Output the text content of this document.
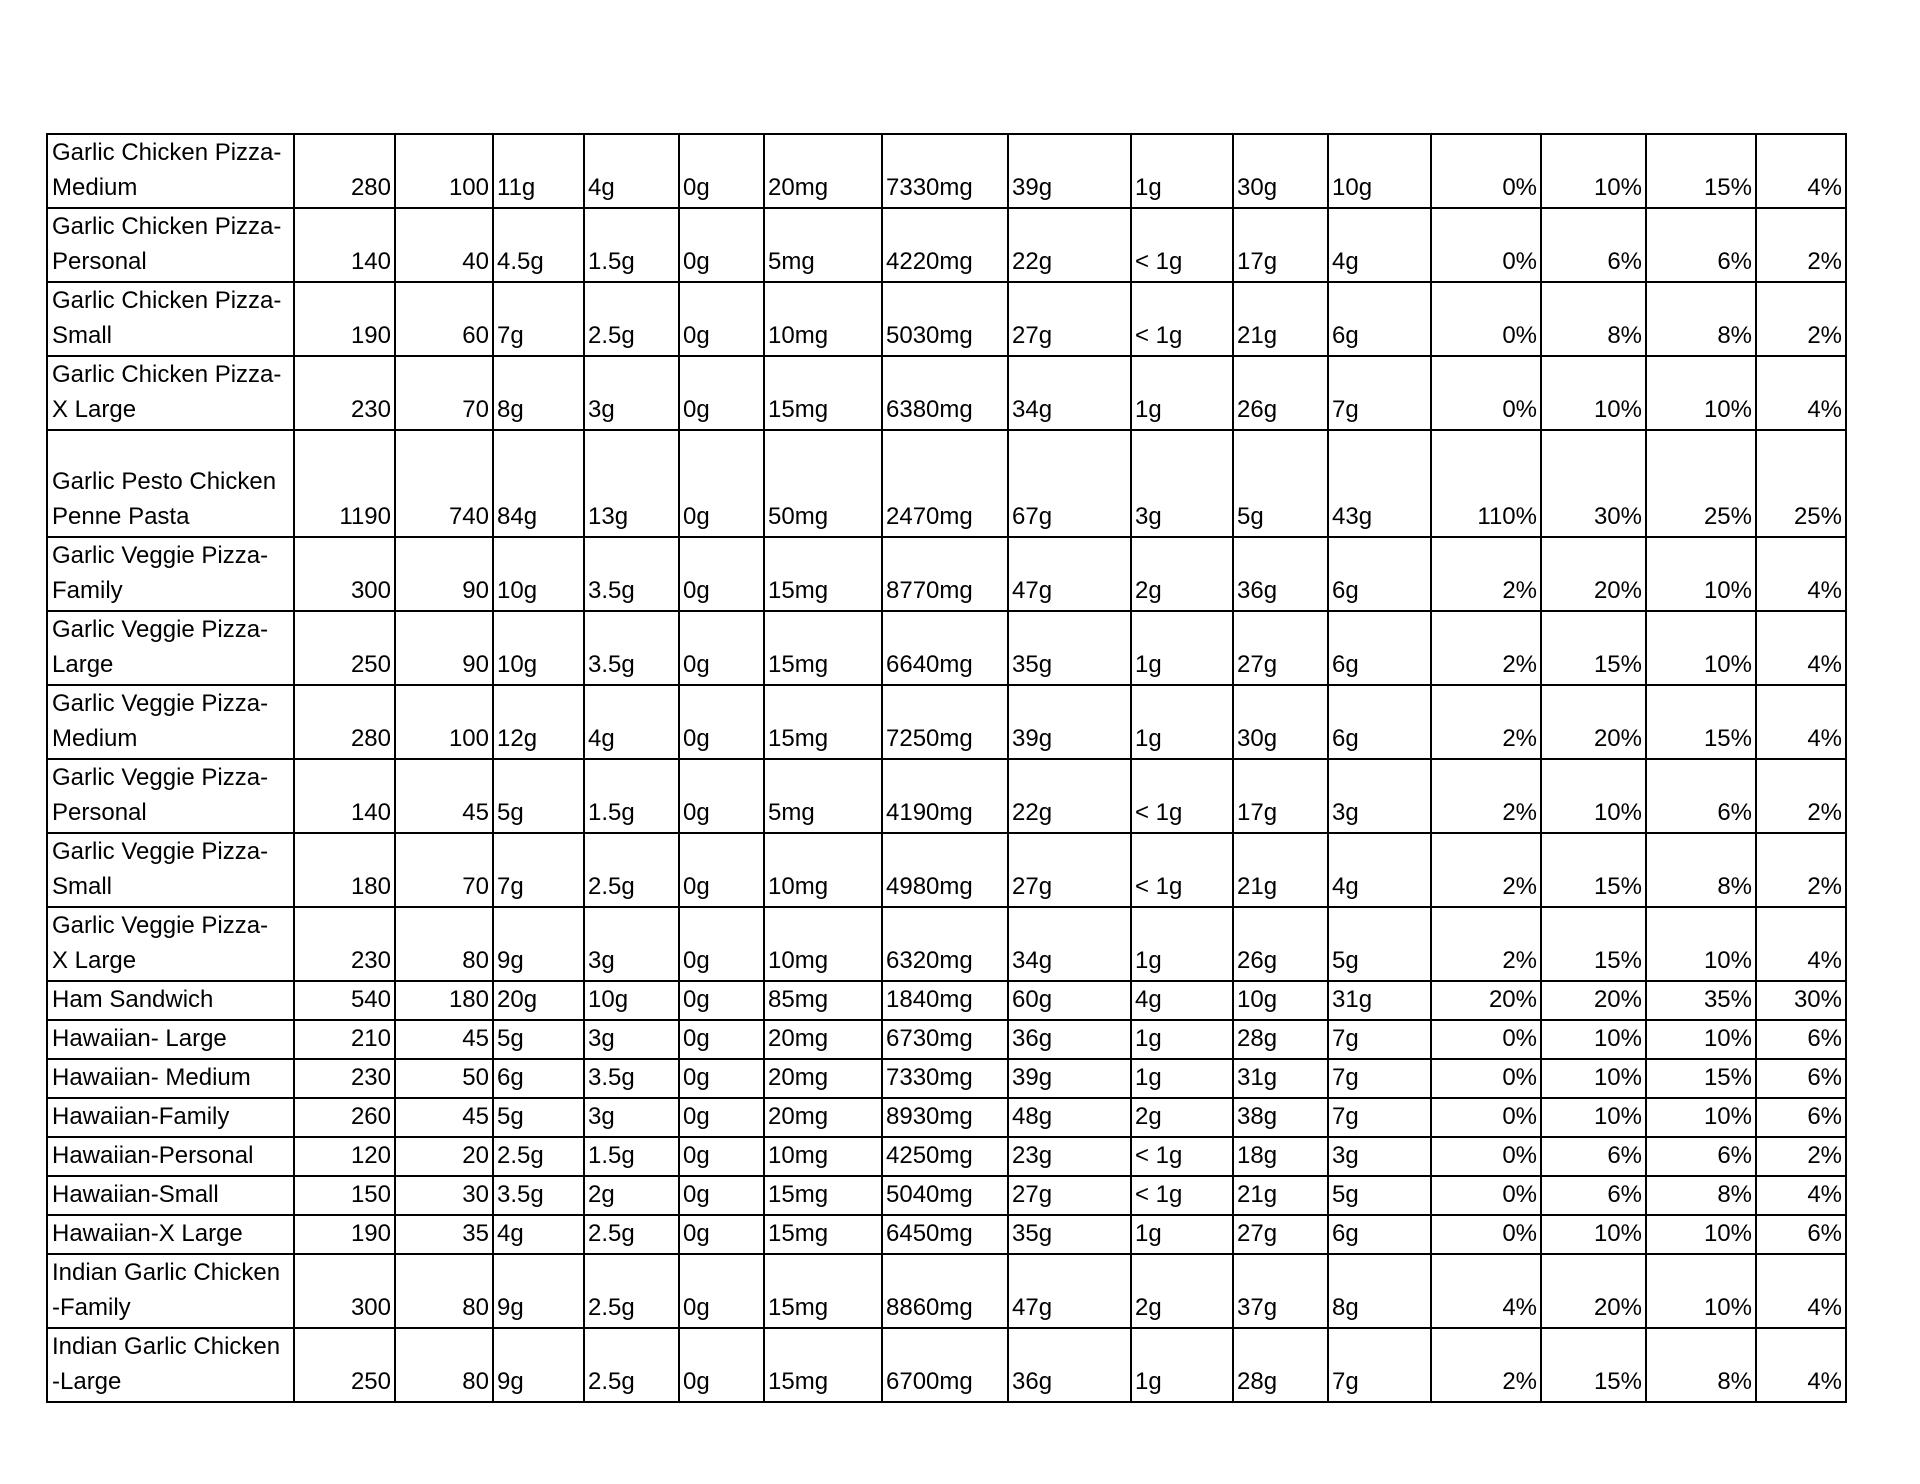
Garlic Chicken Pizza-Medium	280	100	11g	4g	0g	20mg	7330mg	39g	1g	30g	10g	0%	10%	15%	4%
Garlic Chicken Pizza-Personal	140	40	4.5g	1.5g	0g	5mg	4220mg	22g	< 1g	17g	4g	0%	6%	6%	2%
Garlic Chicken Pizza-Small	190	60	7g	2.5g	0g	10mg	5030mg	27g	< 1g	21g	6g	0%	8%	8%	2%
Garlic Chicken Pizza-X Large	230	70	8g	3g	0g	15mg	6380mg	34g	1g	26g	7g	0%	10%	10%	4%
Garlic Pesto Chicken Penne Pasta	1190	740	84g	13g	0g	50mg	2470mg	67g	3g	5g	43g	110%	30%	25%	25%
Garlic Veggie Pizza-Family	300	90	10g	3.5g	0g	15mg	8770mg	47g	2g	36g	6g	2%	20%	10%	4%
Garlic Veggie Pizza-Large	250	90	10g	3.5g	0g	15mg	6640mg	35g	1g	27g	6g	2%	15%	10%	4%
Garlic Veggie Pizza-Medium	280	100	12g	4g	0g	15mg	7250mg	39g	1g	30g	6g	2%	20%	15%	4%
Garlic Veggie Pizza-Personal	140	45	5g	1.5g	0g	5mg	4190mg	22g	< 1g	17g	3g	2%	10%	6%	2%
Garlic Veggie Pizza-Small	180	70	7g	2.5g	0g	10mg	4980mg	27g	< 1g	21g	4g	2%	15%	8%	2%
Garlic Veggie Pizza- X Large	230	80	9g	3g	0g	10mg	6320mg	34g	1g	26g	5g	2%	15%	10%	4%
Ham Sandwich	540	180	20g	10g	0g	85mg	1840mg	60g	4g	10g	31g	20%	20%	35%	30%
Hawaiian- Large	210	45	5g	3g	0g	20mg	6730mg	36g	1g	28g	7g	0%	10%	10%	6%
Hawaiian- Medium	230	50	6g	3.5g	0g	20mg	7330mg	39g	1g	31g	7g	0%	10%	15%	6%
Hawaiian-Family	260	45	5g	3g	0g	20mg	8930mg	48g	2g	38g	7g	0%	10%	10%	6%
Hawaiian-Personal	120	20	2.5g	1.5g	0g	10mg	4250mg	23g	< 1g	18g	3g	0%	6%	6%	2%
Hawaiian-Small	150	30	3.5g	2g	0g	15mg	5040mg	27g	< 1g	21g	5g	0%	6%	8%	4%
Hawaiian-X Large	190	35	4g	2.5g	0g	15mg	6450mg	35g	1g	27g	6g	0%	10%	10%	6%
Indian Garlic Chicken -Family	300	80	9g	2.5g	0g	15mg	8860mg	47g	2g	37g	8g	4%	20%	10%	4%
Indian Garlic Chicken -Large	250	80	9g	2.5g	0g	15mg	6700mg	36g	1g	28g	7g	2%	15%	8%	4%
